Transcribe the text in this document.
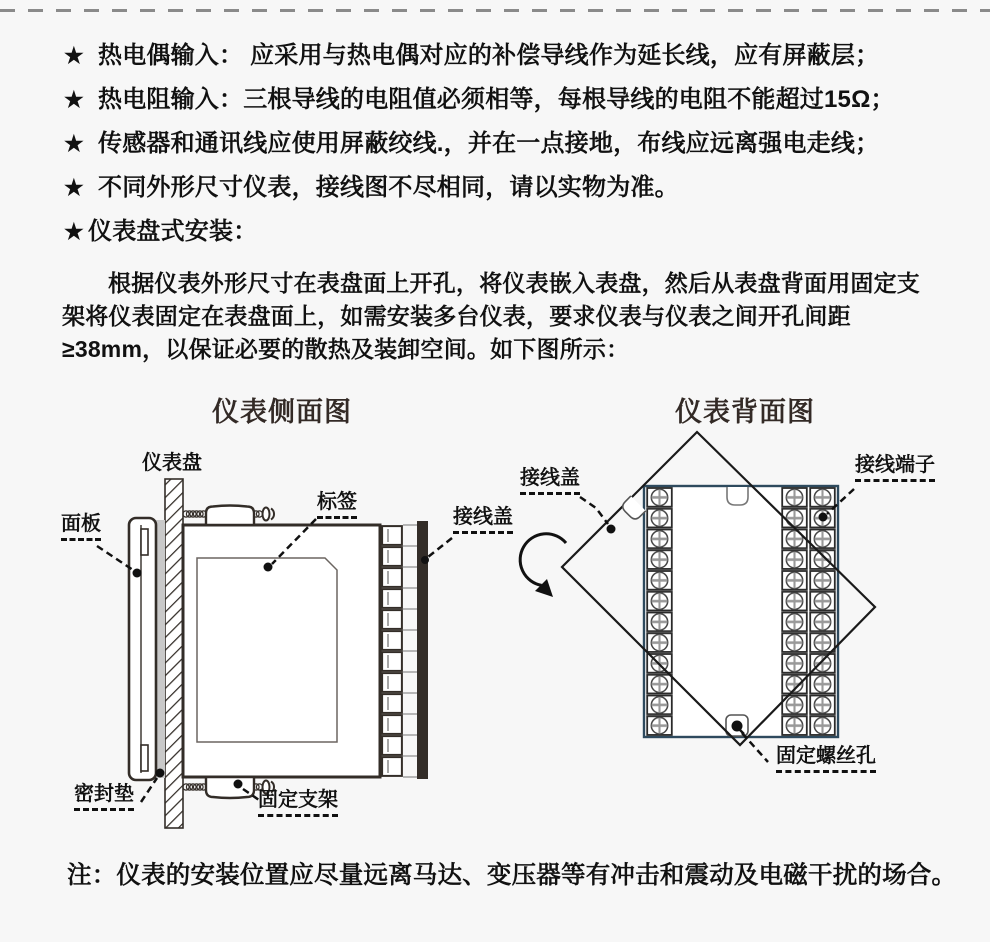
★ 热电偶输入： 应采用与热电偶对应的补偿导线作为延长线，应有屏蔽层；
★ 热电阻输入：三根导线的电阻值必须相等，每根导线的电阻不能超过15Ω；
★ 传感器和通讯线应使用屏蔽绞线.，并在一点接地，布线应远离强电走线；
★ 不同外形尺寸仪表，接线图不尽相同，请以实物为准。
★ 仪表盘式安装：
根据仪表外形尺寸在表盘面上开孔，将仪表嵌入表盘，然后从表盘背面用固定支架将仪表固定在表盘面上，如需安装多台仪表，要求仪表与仪表之间开孔间距≥38mm，以保证必要的散热及装卸空间。如下图所示：
仪表侧面图	仪表背面图
仪表盘
面板
标签
接线盖
密封垫	固定支架
接线盖
接线端子
固定螺丝孔
注：仪表的安装位置应尽量远离马达、变压器等有冲击和震动及电磁干扰的场合。
